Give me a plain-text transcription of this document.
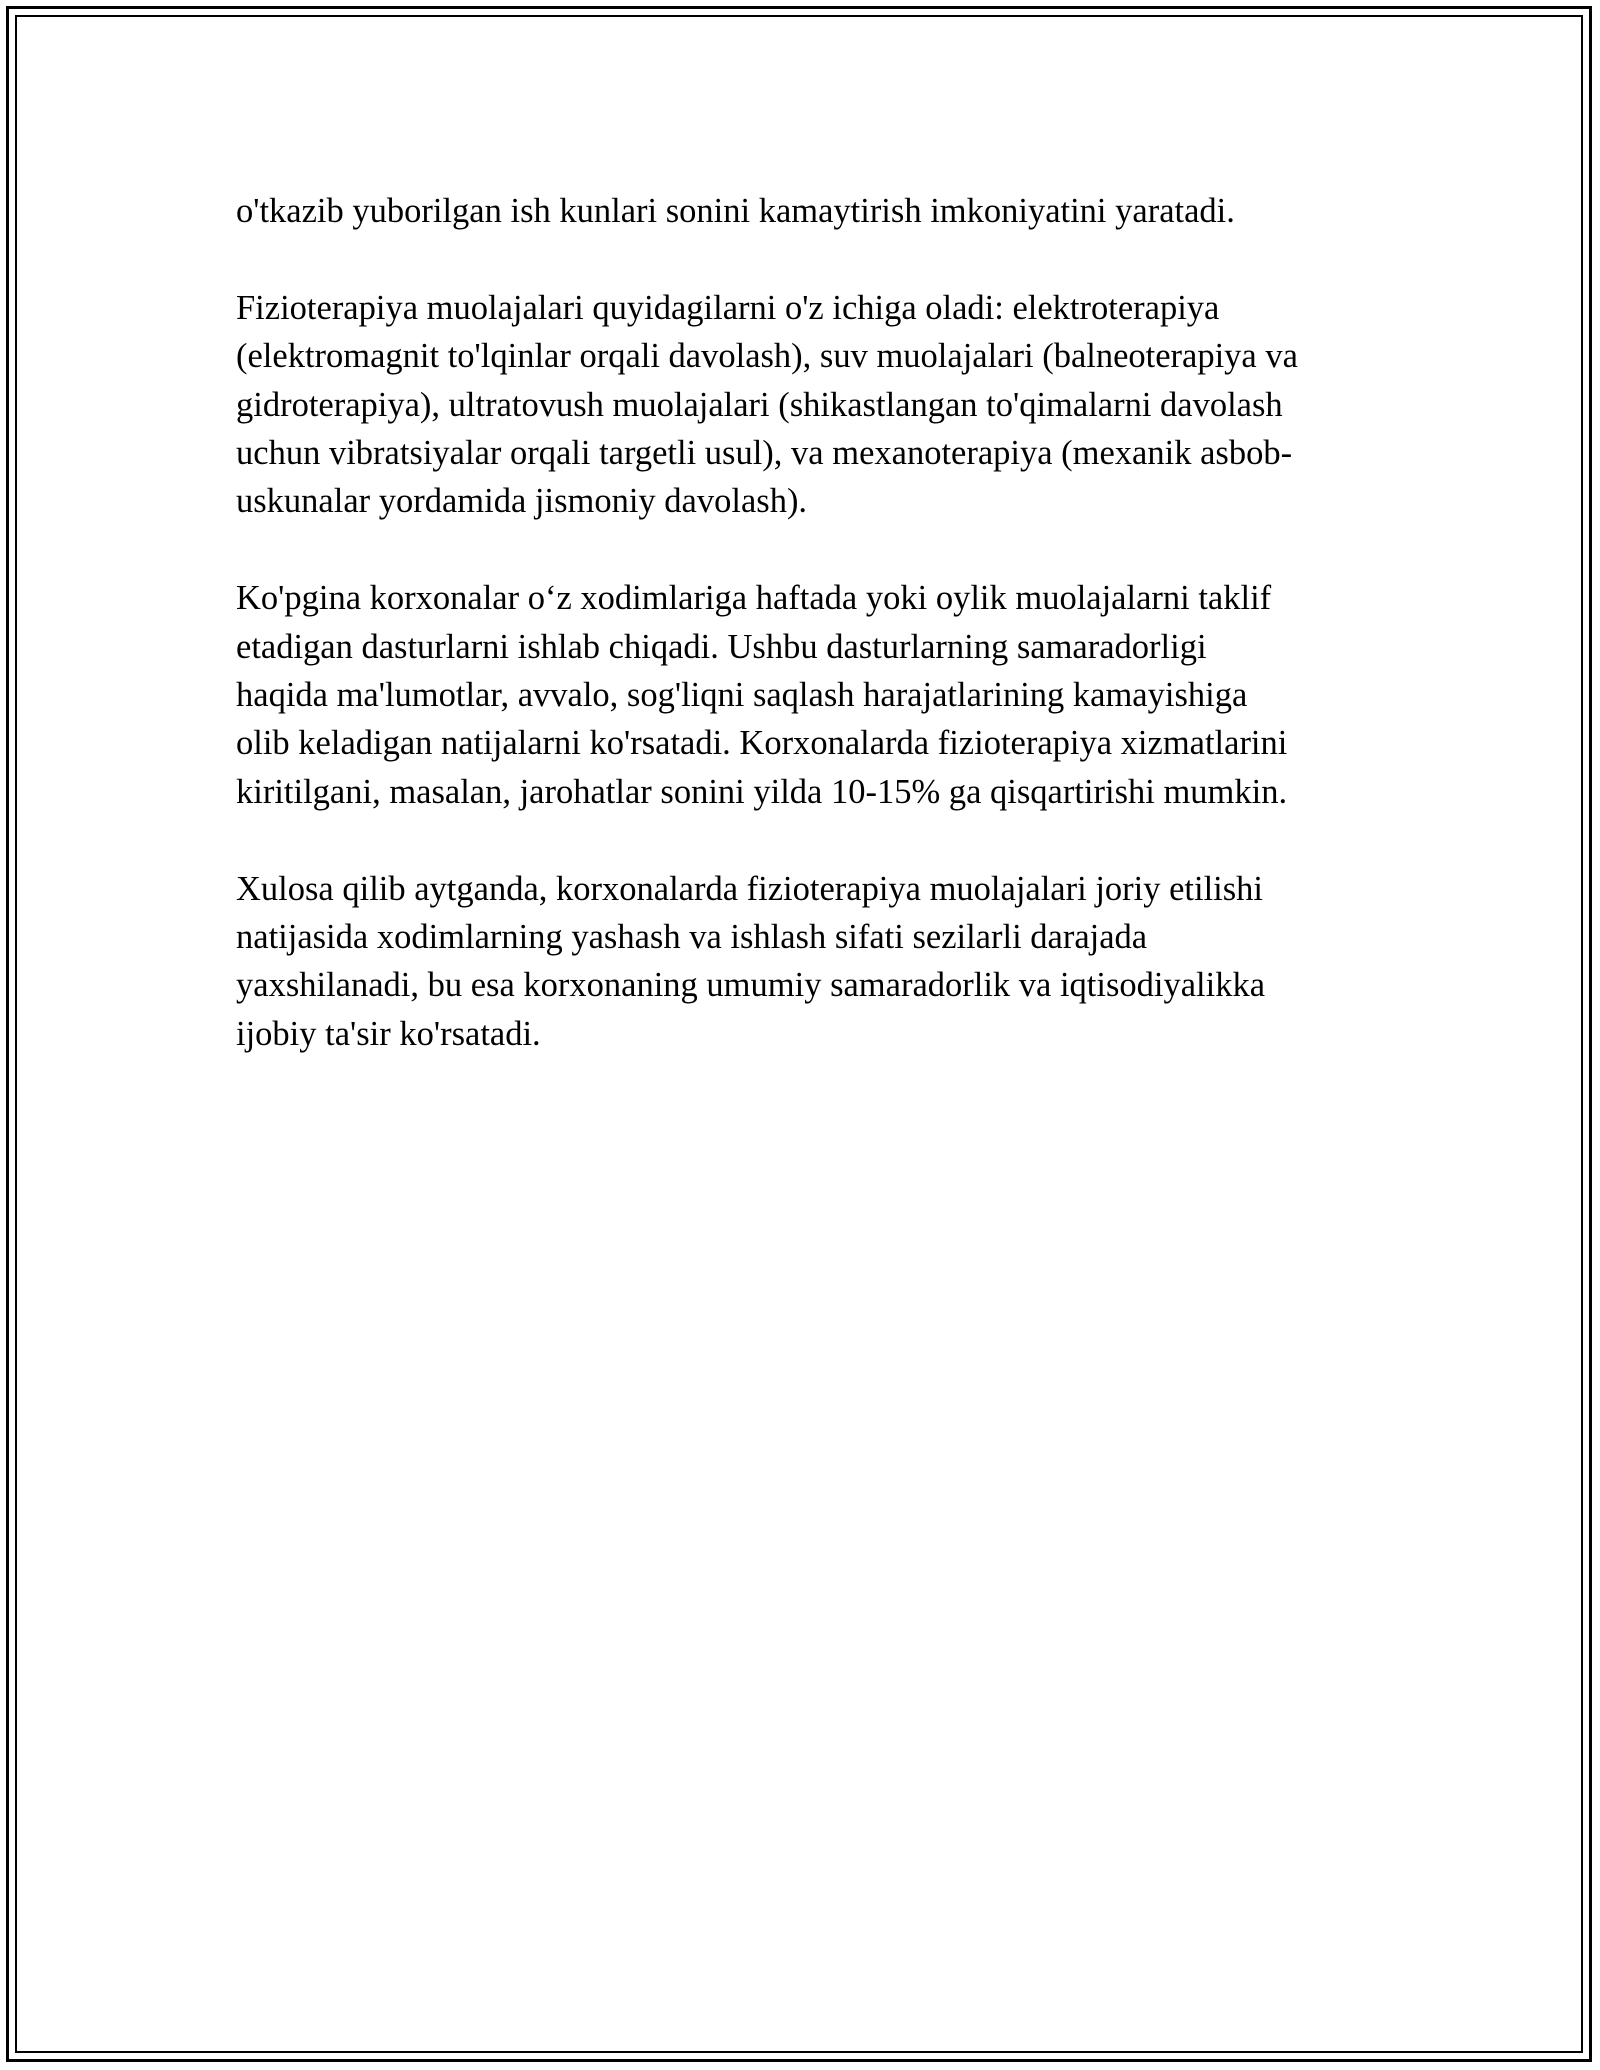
o'tkazib yuborilgan ish kunlari sonini kamaytirish imkoniyatini yaratadi.

Fizioterapiya muolajalari quyidagilarni o'z ichiga oladi: elektroterapiya
(elektromagnit to'lqinlar orqali davolash), suv muolajalari (balneoterapiya va
gidroterapiya), ultratovush muolajalari (shikastlangan to'qimalarni davolash
uchun vibratsiyalar orqali targetli usul), va mexanoterapiya (mexanik asbob-
uskunalar yordamida jismoniy davolash).

Ko'pgina korxonalar o‘z xodimlariga haftada yoki oylik muolajalarni taklif
etadigan dasturlarni ishlab chiqadi. Ushbu dasturlarning samaradorligi
haqida ma'lumotlar, avvalo, sog'liqni saqlash harajatlarining kamayishiga
olib keladigan natijalarni ko'rsatadi. Korxonalarda fizioterapiya xizmatlarini
kiritilgani, masalan, jarohatlar sonini yilda 10-15% ga qisqartirishi mumkin.

Xulosa qilib aytganda, korxonalarda fizioterapiya muolajalari joriy etilishi
natijasida xodimlarning yashash va ishlash sifati sezilarli darajada
yaxshilanadi, bu esa korxonaning umumiy samaradorlik va iqtisodiyalikka
ijobiy ta'sir ko'rsatadi.
